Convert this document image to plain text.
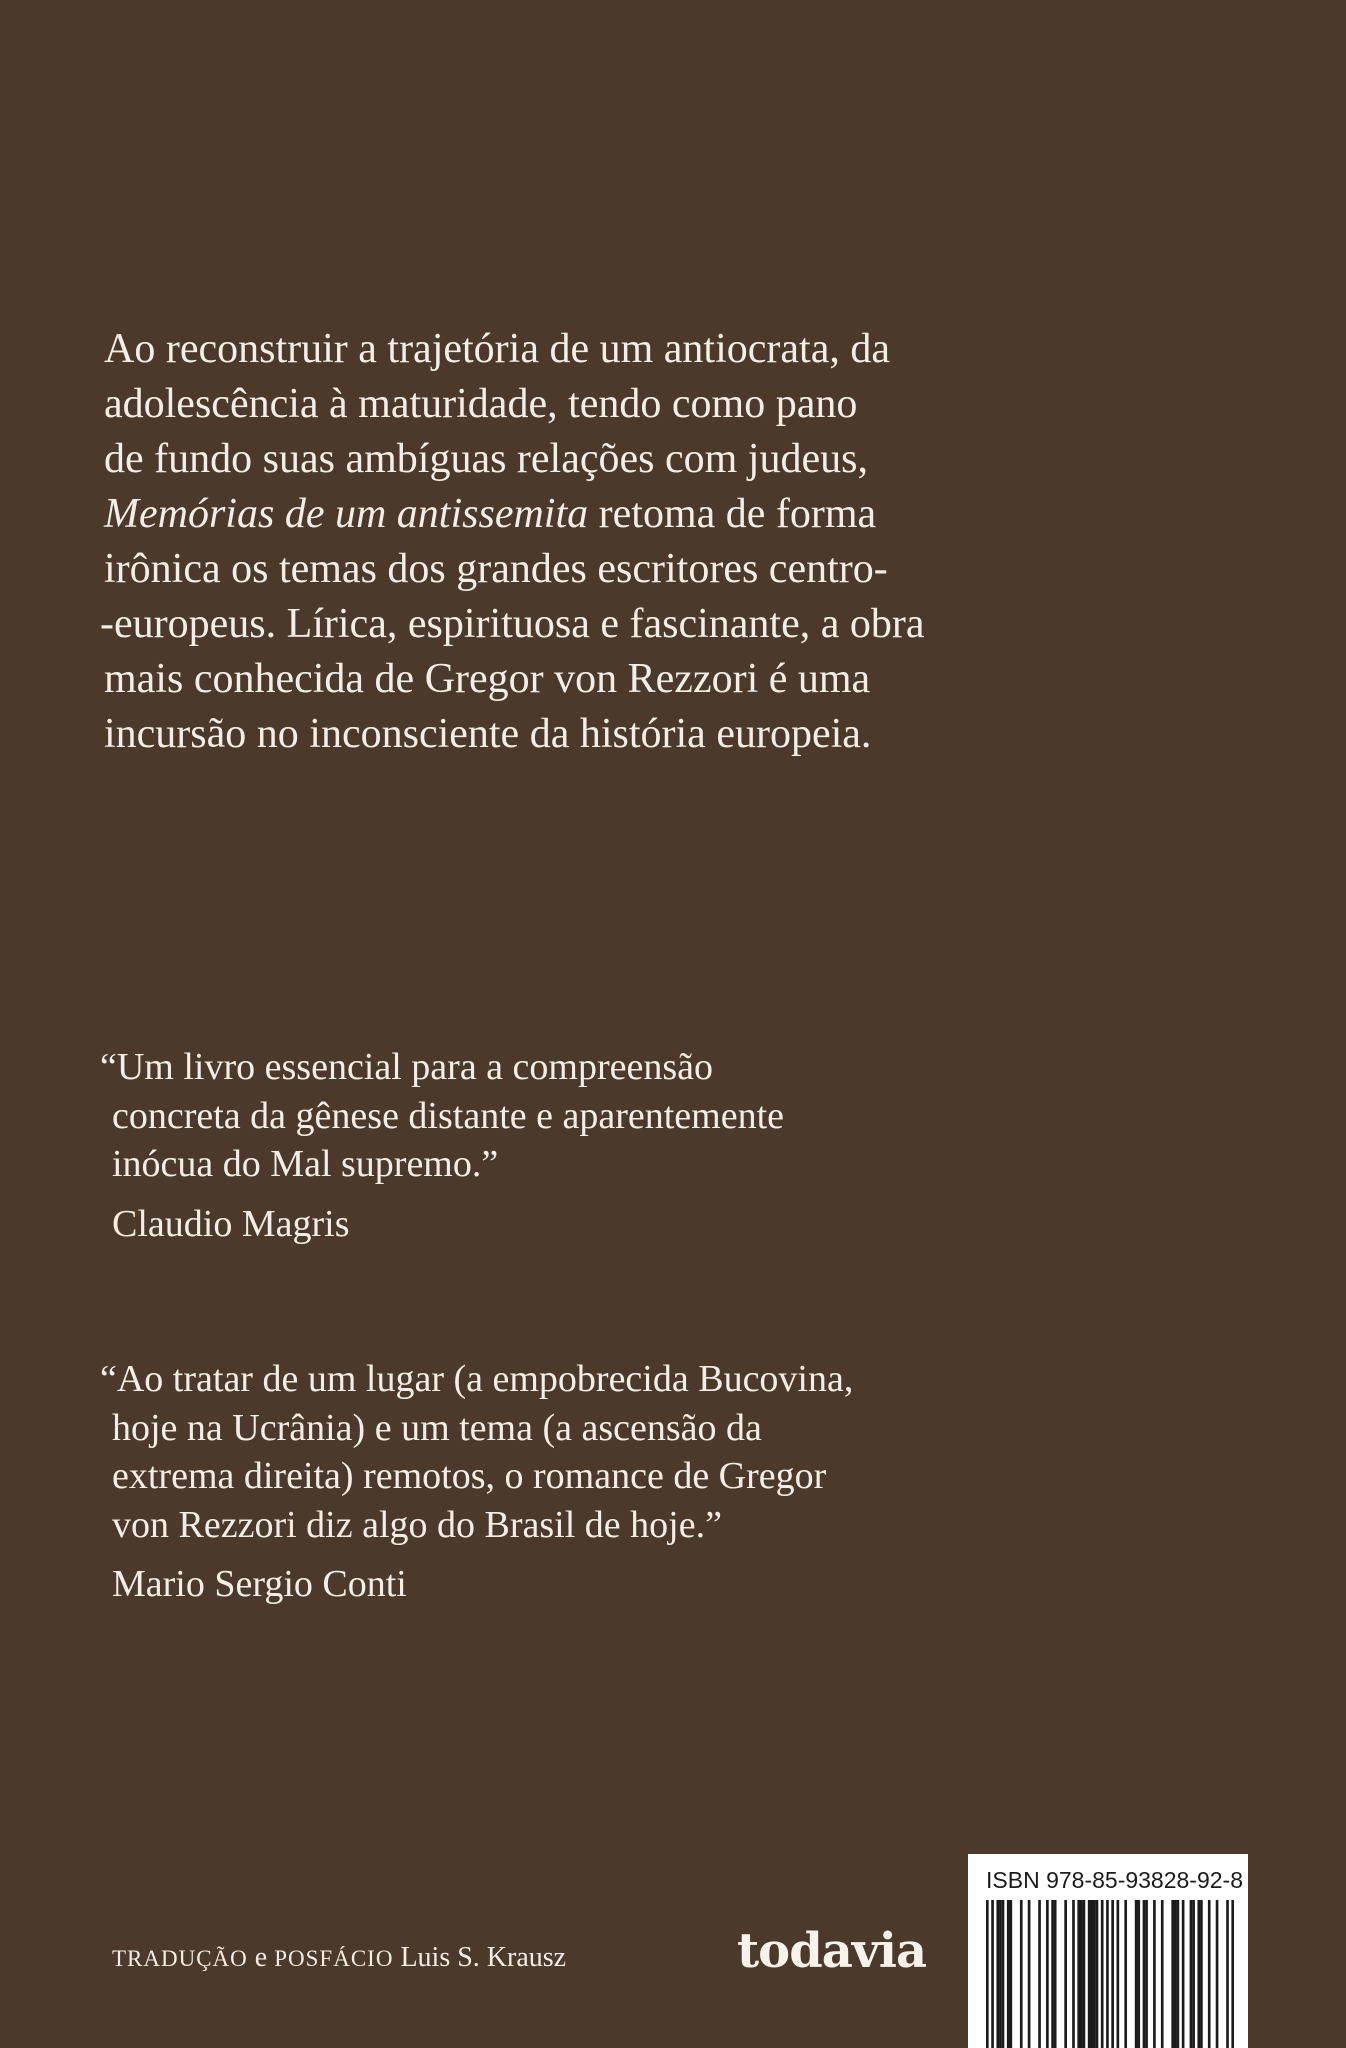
Ao reconstruir a trajetória de um antiocrata, da
adolescência à maturidade, tendo como pano
de fundo suas ambíguas relações com judeus,
Memórias de um antissemita retoma de forma
irônica os temas dos grandes escritores centro-
-europeus. Lírica, espirituosa e fascinante, a obra
mais conhecida de Gregor von Rezzori é uma
incursão no inconsciente da história europeia.
“Um livro essencial para a compreensão
concreta da gênese distante e aparentemente
inócua do Mal supremo.”
Claudio Magris
“Ao tratar de um lugar (a empobrecida Bucovina,
hoje na Ucrânia) e um tema (a ascensão da
extrema direita) remotos, o romance de Gregor
von Rezzori diz algo do Brasil de hoje.”
Mario Sergio Conti
TRADUÇÃO e POSFÁCIO Luis S. Krausz	todavia
ISBN 978-85-93828-92-8
